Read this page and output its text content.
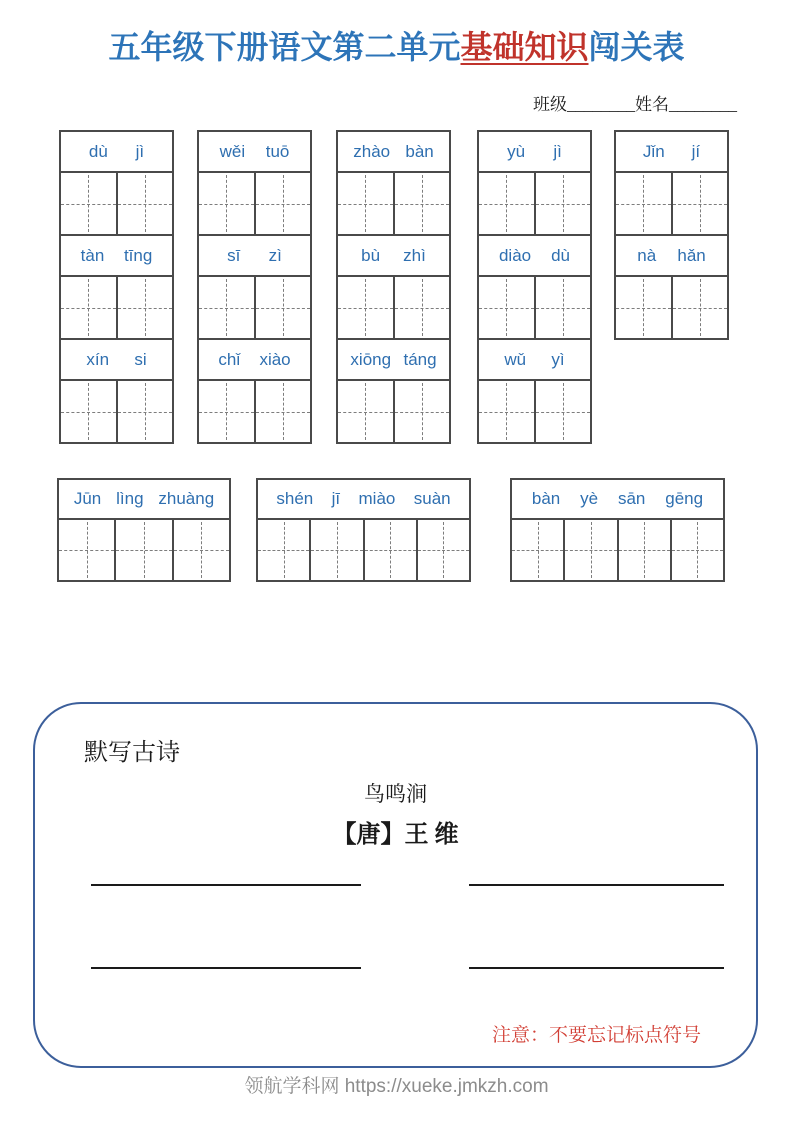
五年级下册语文第二单元基础知识闯关表
班级________姓名________
dù jì
tàn tīng
xín si
wěi tuō
sī zì
chǐ xiào
zhào bàn
bù zhì
xiōng táng
yù jì
diào dù
wǔ yì
Jǐn jí
nà hǎn
Jūn lìng zhuàng	shén jī miào suàn	bàn yè sān gēng
默写古诗
鸟鸣涧
【唐】王 维
注意：不要忘记标点符号
领航学科网 https://xueke.jmkzh.com
